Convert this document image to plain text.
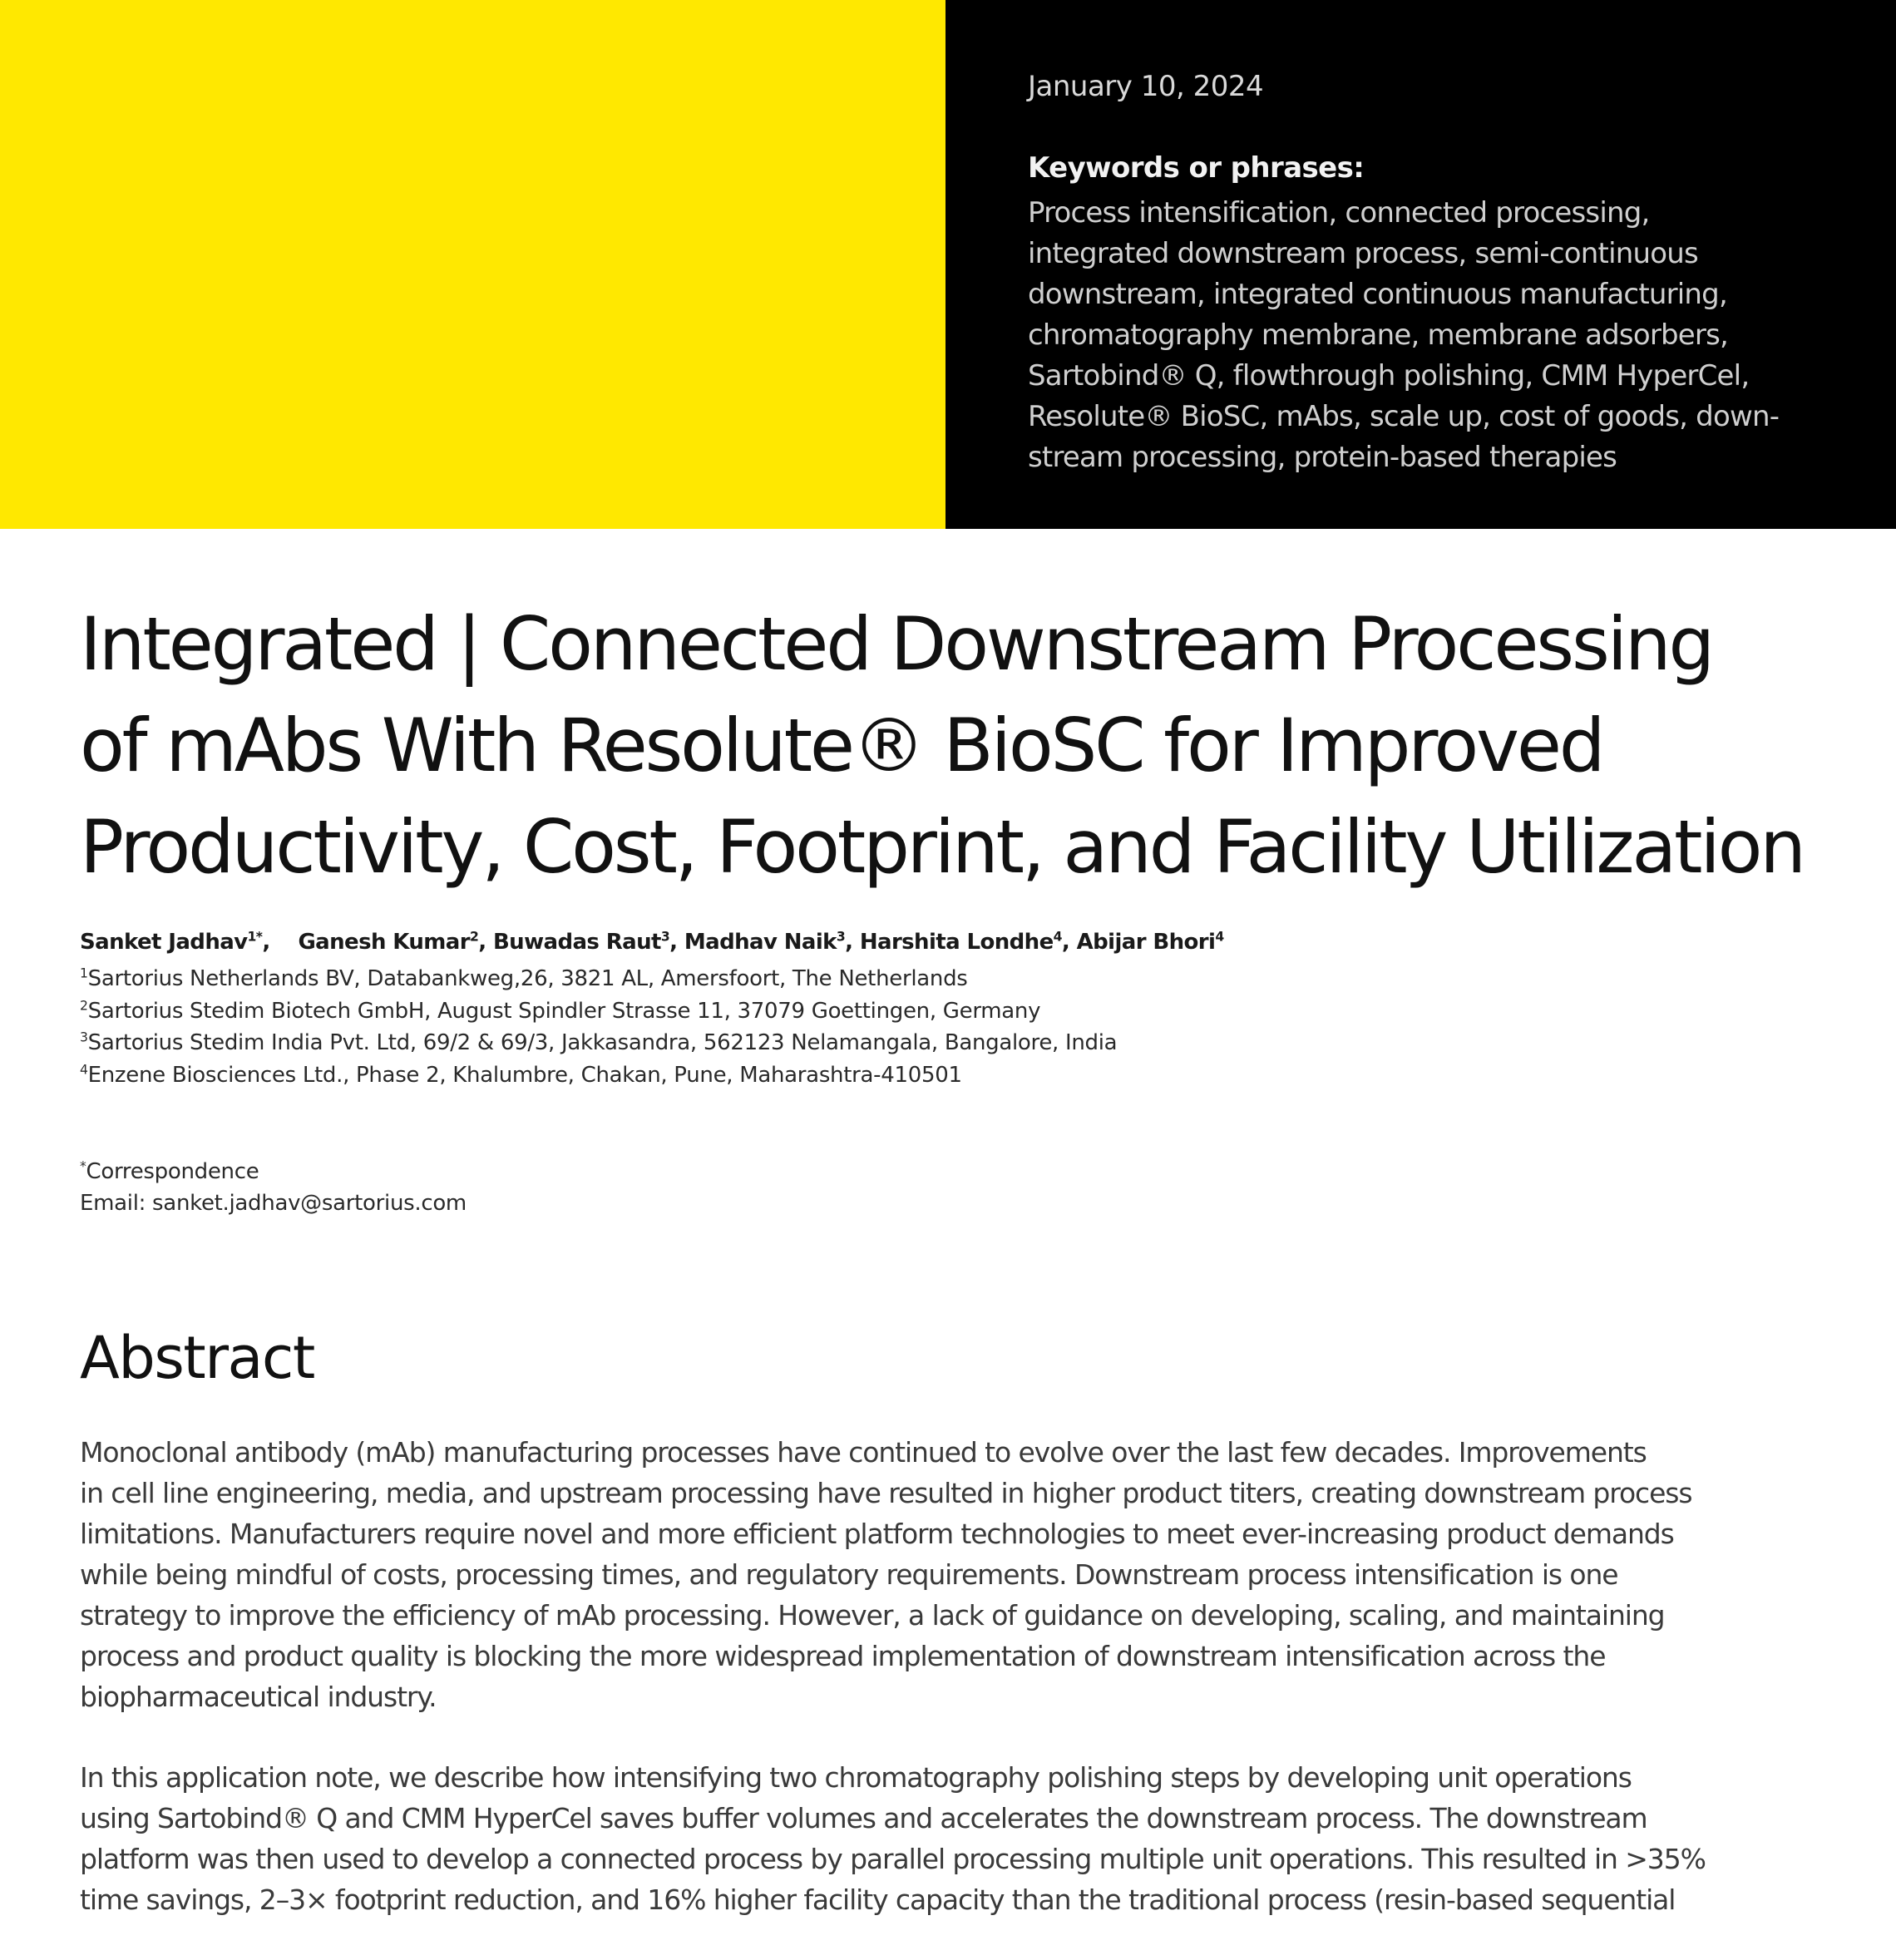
January 10, 2024
Keywords or phrases:
Process intensification, connected processing,
integrated downstream process, semi-continuous
downstream, integrated continuous manufacturing,
chromatography membrane, membrane adsorbers,
Sartobind® Q, flowthrough polishing, CMM HyperCel,
Resolute® BioSC, mAbs, scale up, cost of goods, down-
stream processing, protein-based therapies
Integrated | Connected Downstream Processing
of mAbs With Resolute® BioSC for Improved
Productivity, Cost, Footprint, and Facility Utilization
Sanket Jadhav$^{1*}$,    Ganesh Kumar$^2$, Buwadas Raut$^3$, Madhav Naik$^3$, Harshita Londhe$^4$, Abijar Bhori$^4$
$^1$Sartorius Netherlands BV, Databankweg,26, 3821 AL, Amersfoort, The Netherlands
$^2$Sartorius Stedim Biotech GmbH, August Spindler Strasse 11, 37079 Goettingen, Germany
$^3$Sartorius Stedim India Pvt. Ltd, 69/2 & 69/3, Jakkasandra, 562123 Nelamangala, Bangalore, India
$^4$Enzene Biosciences Ltd., Phase 2, Khalumbre, Chakan, Pune, Maharashtra-410501
*Correspondence
Email: sanket.jadhav@sartorius.com
Abstract
Monoclonal antibody (mAb) manufacturing processes have continued to evolve over the last few decades. Improvements
in cell line engineering, media, and upstream processing have resulted in higher product titers, creating downstream process
limitations. Manufacturers require novel and more efficient platform technologies to meet ever-increasing product demands
while being mindful of costs, processing times, and regulatory requirements. Downstream process intensification is one
strategy to improve the efficiency of mAb processing. However, a lack of guidance on developing, scaling, and maintaining
process and product quality is blocking the more widespread implementation of downstream intensification across the
biopharmaceutical industry.
In this application note, we describe how intensifying two chromatography polishing steps by developing unit operations
using Sartobind® Q and CMM HyperCel saves buffer volumes and accelerates the downstream process. The downstream
platform was then used to develop a connected process by parallel processing multiple unit operations. This resulted in >35%
time savings, 2–3× footprint reduction, and 16% higher facility capacity than the traditional process (resin-based sequential
